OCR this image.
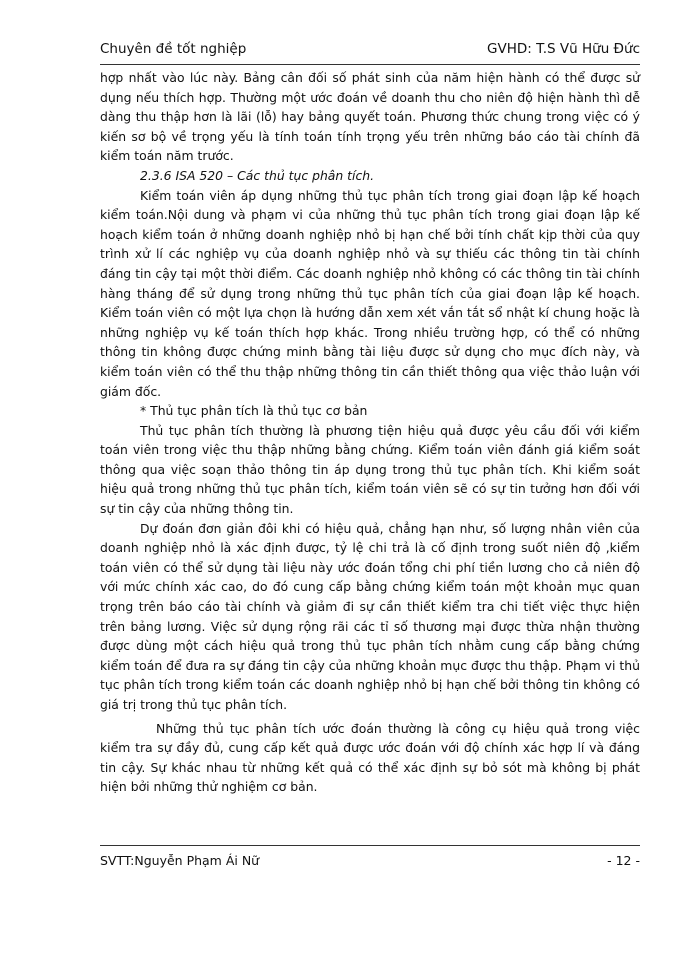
Chuyên đề tốt nghiệp	GVHD: T.S Vũ Hữu Đức

hợp nhất vào lúc này. Bảng cân đối số phát sinh của năm hiện hành có thể được sử dụng nếu thích hợp. Thường một ước đoán về doanh thu cho niên độ hiện hành thì dễ dàng thu thập hơn là lãi (lỗ) hay bảng quyết toán. Phương thức chung trong việc có ý kiến sơ bộ về trọng yếu là tính toán tính trọng yếu trên những báo cáo tài chính đã kiểm toán năm trước.

2.3.6 ISA 520 – Các thủ tục phân tích.

Kiểm toán viên áp dụng những thủ tục phân tích trong giai đoạn lập kế hoạch kiểm toán.Nội dung và phạm vi của những thủ tục phân tích trong giai đoạn lập kế hoạch kiểm toán ở những doanh nghiệp nhỏ bị hạn chế bởi tính chất kịp thời của quy trình xử lí các nghiệp vụ của doanh nghiệp nhỏ và sự thiếu các thông tin tài chính đáng tin cậy tại một thời điểm. Các doanh nghiệp nhỏ không có các thông tin tài chính hàng tháng để sử dụng trong những thủ tục phân tích của giai đoạn lập kế hoạch. Kiểm toán viên có một lựa chọn là hướng dẫn xem xét vắn tắt sổ nhật kí chung hoặc là những nghiệp vụ kế toán thích hợp khác. Trong nhiều trường hợp, có thể có những thông tin không được chứng minh bằng tài liệu được sử dụng cho mục đích này, và kiểm toán viên có thể thu thập những thông tin cần thiết thông qua việc thảo luận với giám đốc.

* Thủ tục phân tích là thủ tục cơ bản

Thủ tục phân tích thường là phương tiện hiệu quả được yêu cầu đối với kiểm toán viên trong việc thu thập những bằng chứng. Kiểm toán viên đánh giá kiểm soát thông qua việc soạn thảo thông tin áp dụng trong thủ tục phân tích. Khi kiểm soát hiệu quả trong những thủ tục phân tích, kiểm toán viên sẽ có sự tin tưởng hơn đối với sự tin cậy của những thông tin.

Dự đoán đơn giản đôi khi có hiệu quả, chẳng hạn như, số lượng nhân viên của doanh nghiệp nhỏ là xác định được, tỷ lệ chi trả là cố định trong suốt niên độ ,kiểm toán viên có thể sử dụng tài liệu này ước đoán tổng chi phí tiền lương cho cả niên độ với mức chính xác cao, do đó cung cấp bằng chứng kiểm toán một khoản mục quan trọng trên báo cáo tài chính và giảm đi sự cần thiết kiểm tra chi tiết việc thực hiện trên bảng lương. Việc sử dụng rộng rãi các tỉ số thương mại được thừa nhận thường được dùng một cách hiệu quả trong thủ tục phân tích nhằm cung cấp bằng chứng kiểm toán để đưa ra sự đáng tin cậy của những khoản mục được thu thập. Phạm vi thủ tục phân tích trong kiểm toán các doanh nghiệp nhỏ bị hạn chế bởi thông tin không có giá trị trong thủ tục phân tích.

Những thủ tục phân tích ước đoán thường là công cụ hiệu quả trong việc kiểm tra sự đầy đủ, cung cấp kết quả được ước đoán với độ chính xác hợp lí và đáng tin cậy. Sự khác nhau từ những kết quả có thể xác định sự bỏ sót mà không bị phát hiện bởi những thử nghiệm cơ bản.

SVTT:Nguyễn Phạm Ái Nữ	- 12 -
